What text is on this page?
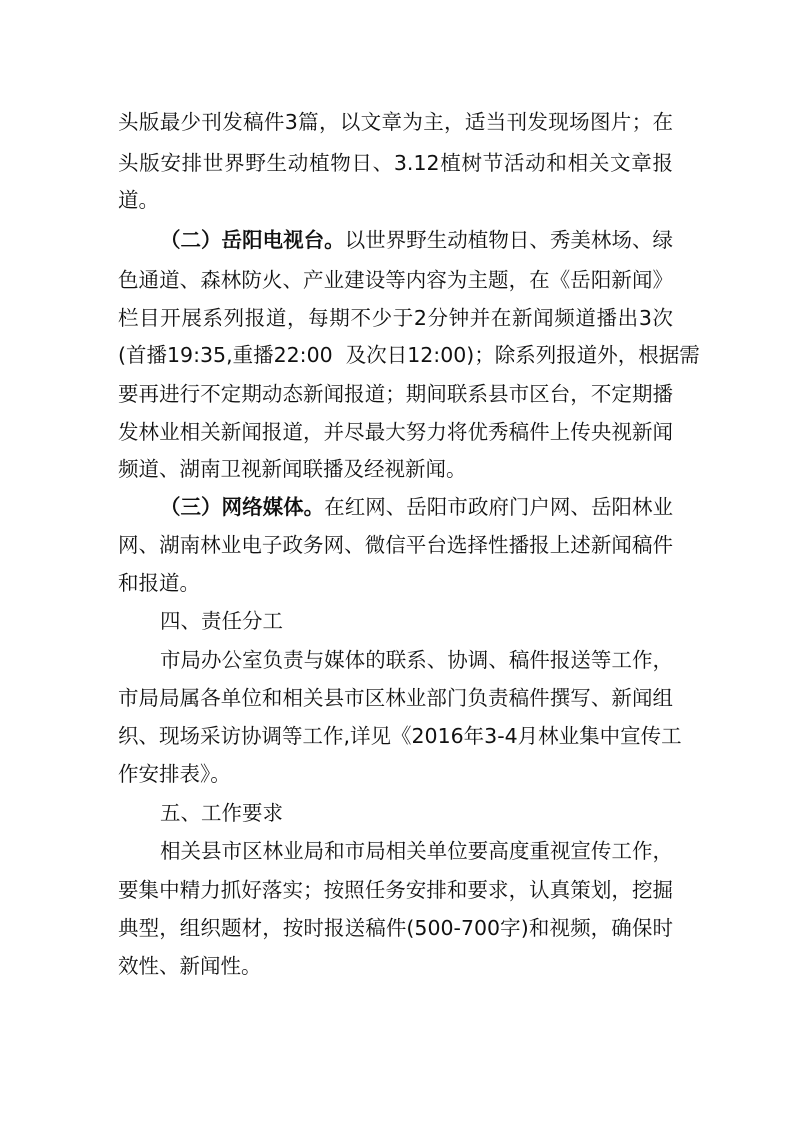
头版最少刊发稿件3篇，以文章为主，适当刊发现场图片；在
头版安排世界野生动植物日、3.12植树节活动和相关文章报
道。
（二）岳阳电视台。以世界野生动植物日、秀美林场、绿
色通道、森林防火、产业建设等内容为主题，在《岳阳新闻》
栏目开展系列报道，每期不少于2分钟并在新闻频道播出3次
(首播19:35,重播22:00  及次日12:00)；除系列报道外，根据需
要再进行不定期动态新闻报道；期间联系县市区台，不定期播
发林业相关新闻报道，并尽最大努力将优秀稿件上传央视新闻
频道、湖南卫视新闻联播及经视新闻。
（三）网络媒体。在红网、岳阳市政府门户网、岳阳林业
网、湖南林业电子政务网、微信平台选择性播报上述新闻稿件
和报道。
四、责任分工
市局办公室负责与媒体的联系、协调、稿件报送等工作，
市局局属各单位和相关县市区林业部门负责稿件撰写、新闻组
织、现场采访协调等工作,详见《2016年3-4月林业集中宣传工
作安排表》。
五、工作要求
相关县市区林业局和市局相关单位要高度重视宣传工作，
要集中精力抓好落实；按照任务安排和要求，认真策划，挖掘
典型，组织题材，按时报送稿件(500-700字)和视频，确保时
效性、新闻性。
